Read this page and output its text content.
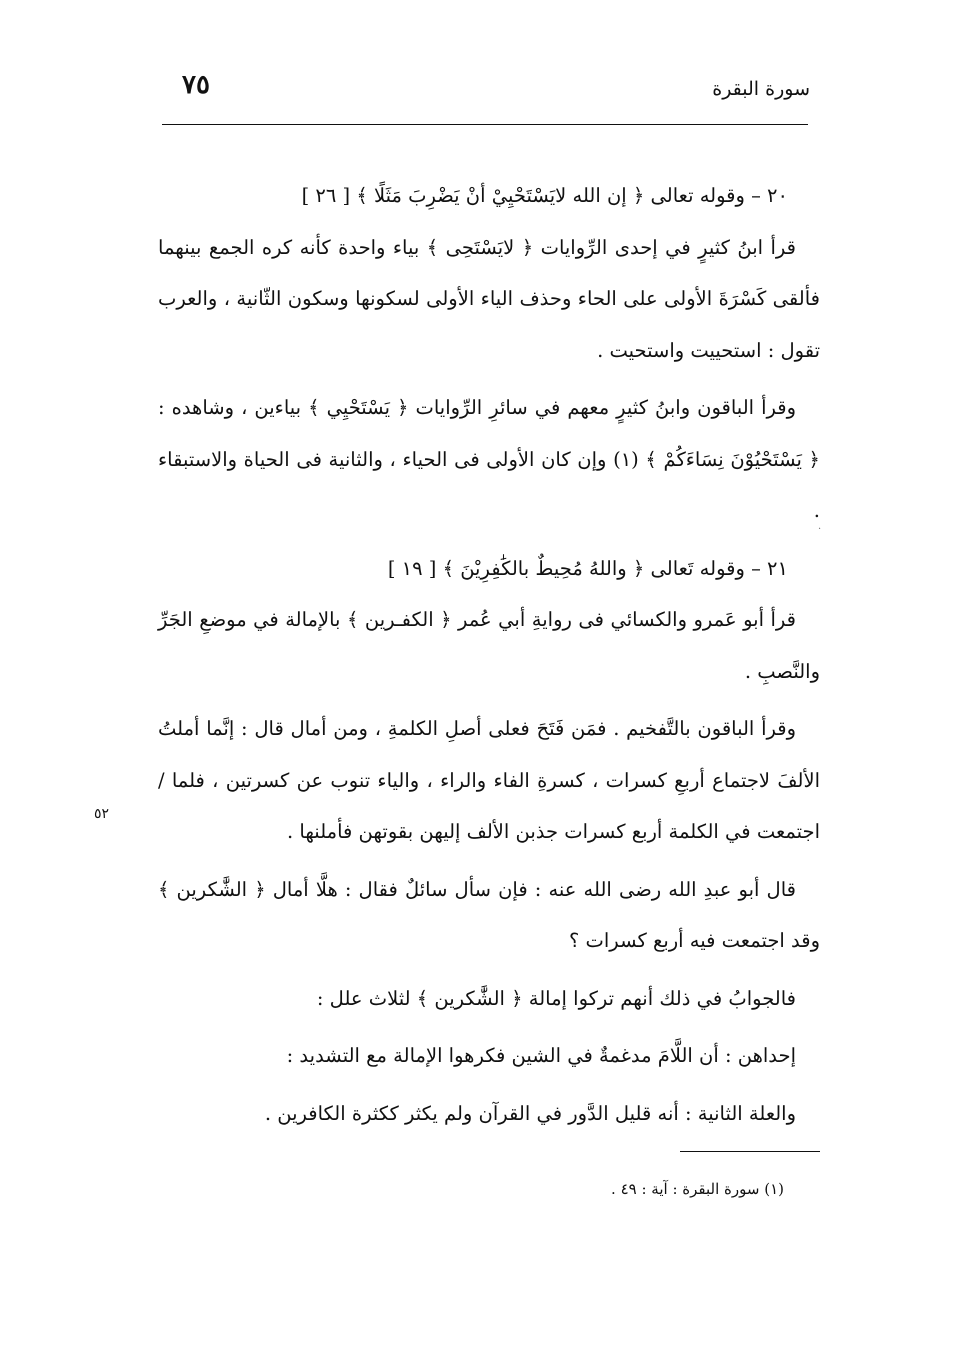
٧٥	سورة البقرة

٢٠ – وقوله تعالى ﴿ إن الله لايَسْتَحْيِيْ أنْ يَضْرِبَ مَثَلًا ﴾ [ ٢٦ ]

قرأ ابنُ كثيرٍ في إحدى الرِّوايات ﴿ لايَسْتَحِى ﴾ بياء واحدة كأنه كره الجمع بينهما فألقى كَسْرَةَ الأولى على الحاء وحذف الياء الأولى لسكونها وسكون الثّانية ، والعرب تقول : استحييت واستحيت .

وقرأ الباقون وابنُ كثيرٍ معهم في سائرِ الرِّوايات ﴿ يَسْتَحْيِي ﴾ بياءين ، وشاهده : ﴿ يَسْتَحْيُوْنَ نِسَاءَكُمْ ﴾ (١) وإن كان الأولى فى الحياء ، والثانية فى الحياة والاستبقاء .

٢١ – وقوله تَعالى ﴿ واللهُ مُحِيطٌ بالكَٰفِرِيْنَ ﴾ [ ١٩ ]

قرأ أبو عَمرو والكسائي فى روايةِ أبي عُمر ﴿ الكفـرين ﴾ بالإمالة في موضعِ الجَرِّ والنَّصبِ .

وقرأ الباقون بالتَّفخيم . فمَن فَتَحَ فعلى أصلِ الكلمةِ ، ومن أمال قال : إنَّما أملتُ الألفَ لاجتماع أربعِ كسرات ، كسرةِ الفاء والراء ، والياء تنوب عن كسرتين ، فلما / اجتمعت في الكلمة أربع كسرات جذبن الألف إليهن بقوتهن فأملنها .

قال أبو عبدِ الله رضى الله عنه : فإن سأل سائلٌ فقال : هلَّا أمال ﴿ الشَّٰكرين ﴾ وقد اجتمعت فيه أربع كسرات ؟

فالجوابُ في ذلك أنهم تركوا إمالة ﴿ الشَّٰكرين ﴾ لثلاث علل :

إحداهن : أن اللَّامَ مدغمةٌ في الشين فكرهوا الإمالة مع التشديد :

والعلة الثانية : أنه قليل الدَّور في القرآن ولم يكثر ككثرة الكافرين .

·
٥٢
(١) سورة البقرة : آية : ٤٩ .
